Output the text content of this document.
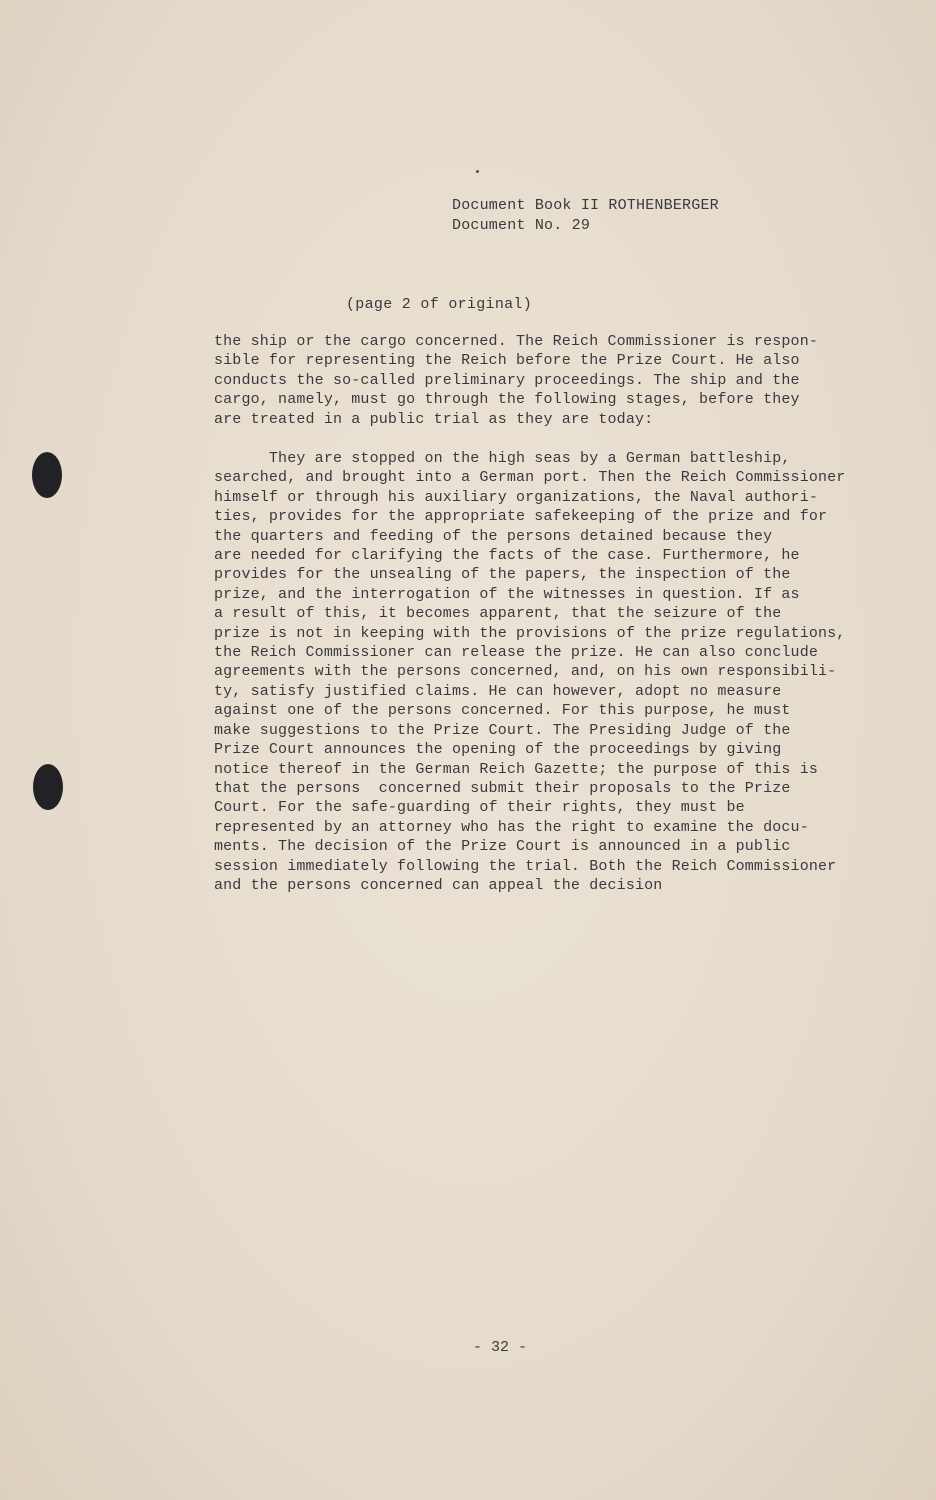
Document Book II ROTHENBERGER
Document No. 29
(page 2 of original)
the ship or the cargo concerned. The Reich Commissioner is respon-
sible for representing the Reich before the Prize Court. He also
conducts the so-called preliminary proceedings. The ship and the
cargo, namely, must go through the following stages, before they
are treated in a public trial as they are today:
They are stopped on the high seas by a German battleship,
searched, and brought into a German port. Then the Reich Commissioner
himself or through his auxiliary organizations, the Naval authori-
ties, provides for the appropriate safekeeping of the prize and for
the quarters and feeding of the persons detained because they
are needed for clarifying the facts of the case. Furthermore, he
provides for the unsealing of the papers, the inspection of the
prize, and the interrogation of the witnesses in question. If as
a result of this, it becomes apparent, that the seizure of the
prize is not in keeping with the provisions of the prize regulations,
the Reich Commissioner can release the prize. He can also conclude
agreements with the persons concerned, and, on his own responsibili-
ty, satisfy justified claims. He can however, adopt no measure
against one of the persons concerned. For this purpose, he must
make suggestions to the Prize Court. The Presiding Judge of the
Prize Court announces the opening of the proceedings by giving
notice thereof in the German Reich Gazette; the purpose of this is
that the persons  concerned submit their proposals to the Prize
Court. For the safe-guarding of their rights, they must be
represented by an attorney who has the right to examine the docu-
ments. The decision of the Prize Court is announced in a public
session immediately following the trial. Both the Reich Commissioner
and the persons concerned can appeal the decision
- 32 -
